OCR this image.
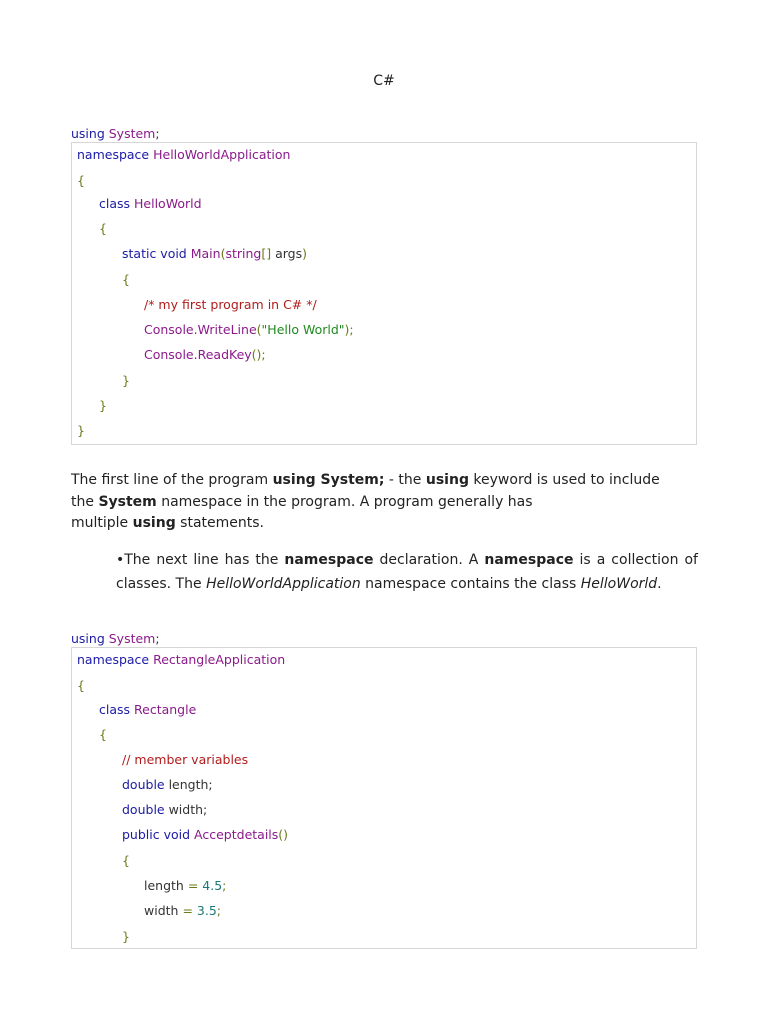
C#
using System;
namespace HelloWorldApplication
{
class HelloWorld
{
static void Main(string[] args)
{
/* my first program in C# */
Console.WriteLine("Hello World");
Console.ReadKey();
}
}
}
The first line of the program using System; - the using keyword is used to include
the System namespace in the program. A program generally has
multiple using statements.
•The next line has the namespace declaration. A namespace is a collection of
classes. The HelloWorldApplication namespace contains the class HelloWorld.
using System;
namespace RectangleApplication
{
class Rectangle
{
// member variables
double length;
double width;
public void Acceptdetails()
{
length = 4.5;
width = 3.5;
}
